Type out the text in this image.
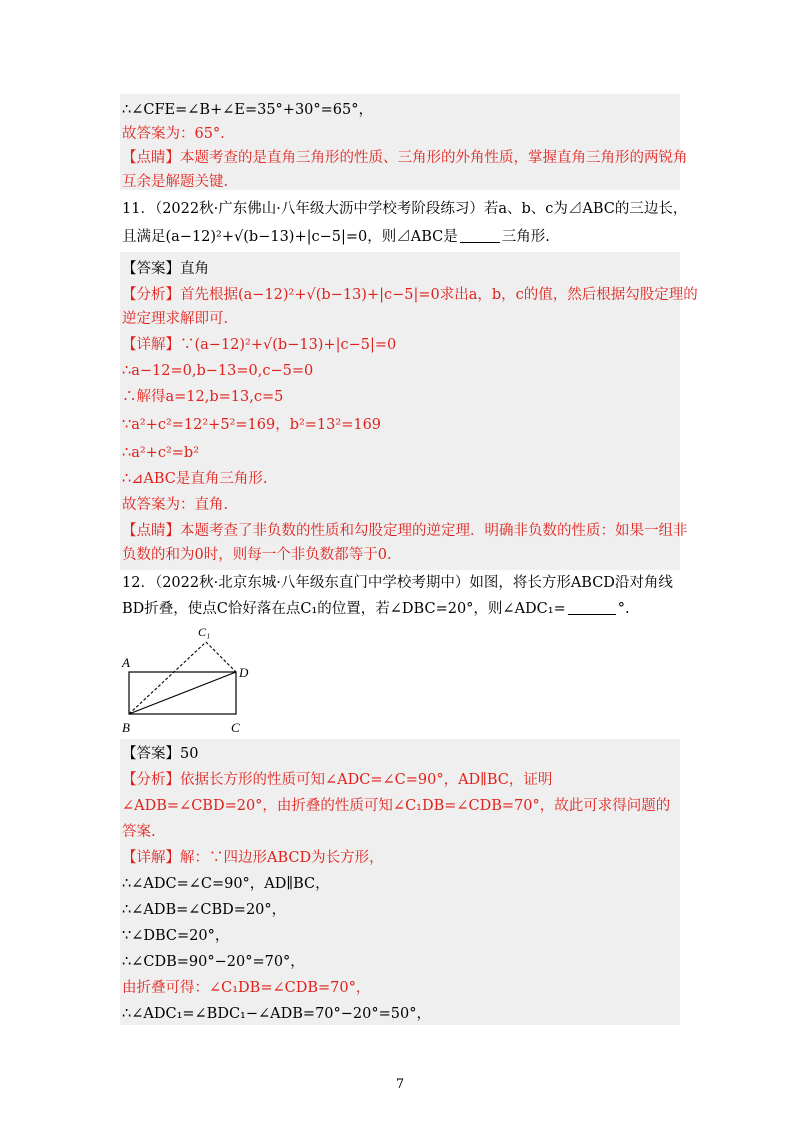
∴∠CFE=∠B+∠E=35°+30°=65°，
故答案为：65°.
【点睛】本题考查的是直角三角形的性质、三角形的外角性质，掌握直角三角形的两锐角
互余是解题关键.
11．（2022秋·广东佛山·八年级大沥中学校考阶段练习）若a、b、c为⊿ABC的三边长，
且满足(a−12)²+√(b−13)+|c−5|=0，则⊿ABC是	三角形.
【答案】直角
【分析】首先根据(a−12)²+√(b−13)+|c−5|=0求出a，b，c的值，然后根据勾股定理的
逆定理求解即可.
【详解】∵(a−12)²+√(b−13)+|c−5|=0
∴a−12=0,b−13=0,c−5=0
∴解得a=12,b=13,c=5
∵a²+c²=12²+5²=169，b²=13²=169
∴a²+c²=b²
∴⊿ABC是直角三角形.
故答案为：直角.
【点睛】本题考查了非负数的性质和勾股定理的逆定理．明确非负数的性质：如果一组非
负数的和为0时，则每一个非负数都等于0.
12．（2022秋·北京东城·八年级东直门中学校考期中）如图，将长方形ABCD沿对角线
BD折叠，使点C恰好落在点C₁的位置，若∠DBC=20°，则∠ADC₁=	°.
A
D
B	C
C₁
【答案】50
【分析】依据长方形的性质可知∠ADC=∠C=90°，AD∥BC，证明
∠ADB=∠CBD=20°，由折叠的性质可知∠C₁DB=∠CDB=70°，故此可求得问题的
答案.
【详解】解：∵四边形ABCD为长方形，
∴∠ADC=∠C=90°，AD∥BC，
∴∠ADB=∠CBD=20°，
∵∠DBC=20°，
∴∠CDB=90°−20°=70°，
由折叠可得：∠C₁DB=∠CDB=70°，
∴∠ADC₁=∠BDC₁−∠ADB=70°−20°=50°，
7
